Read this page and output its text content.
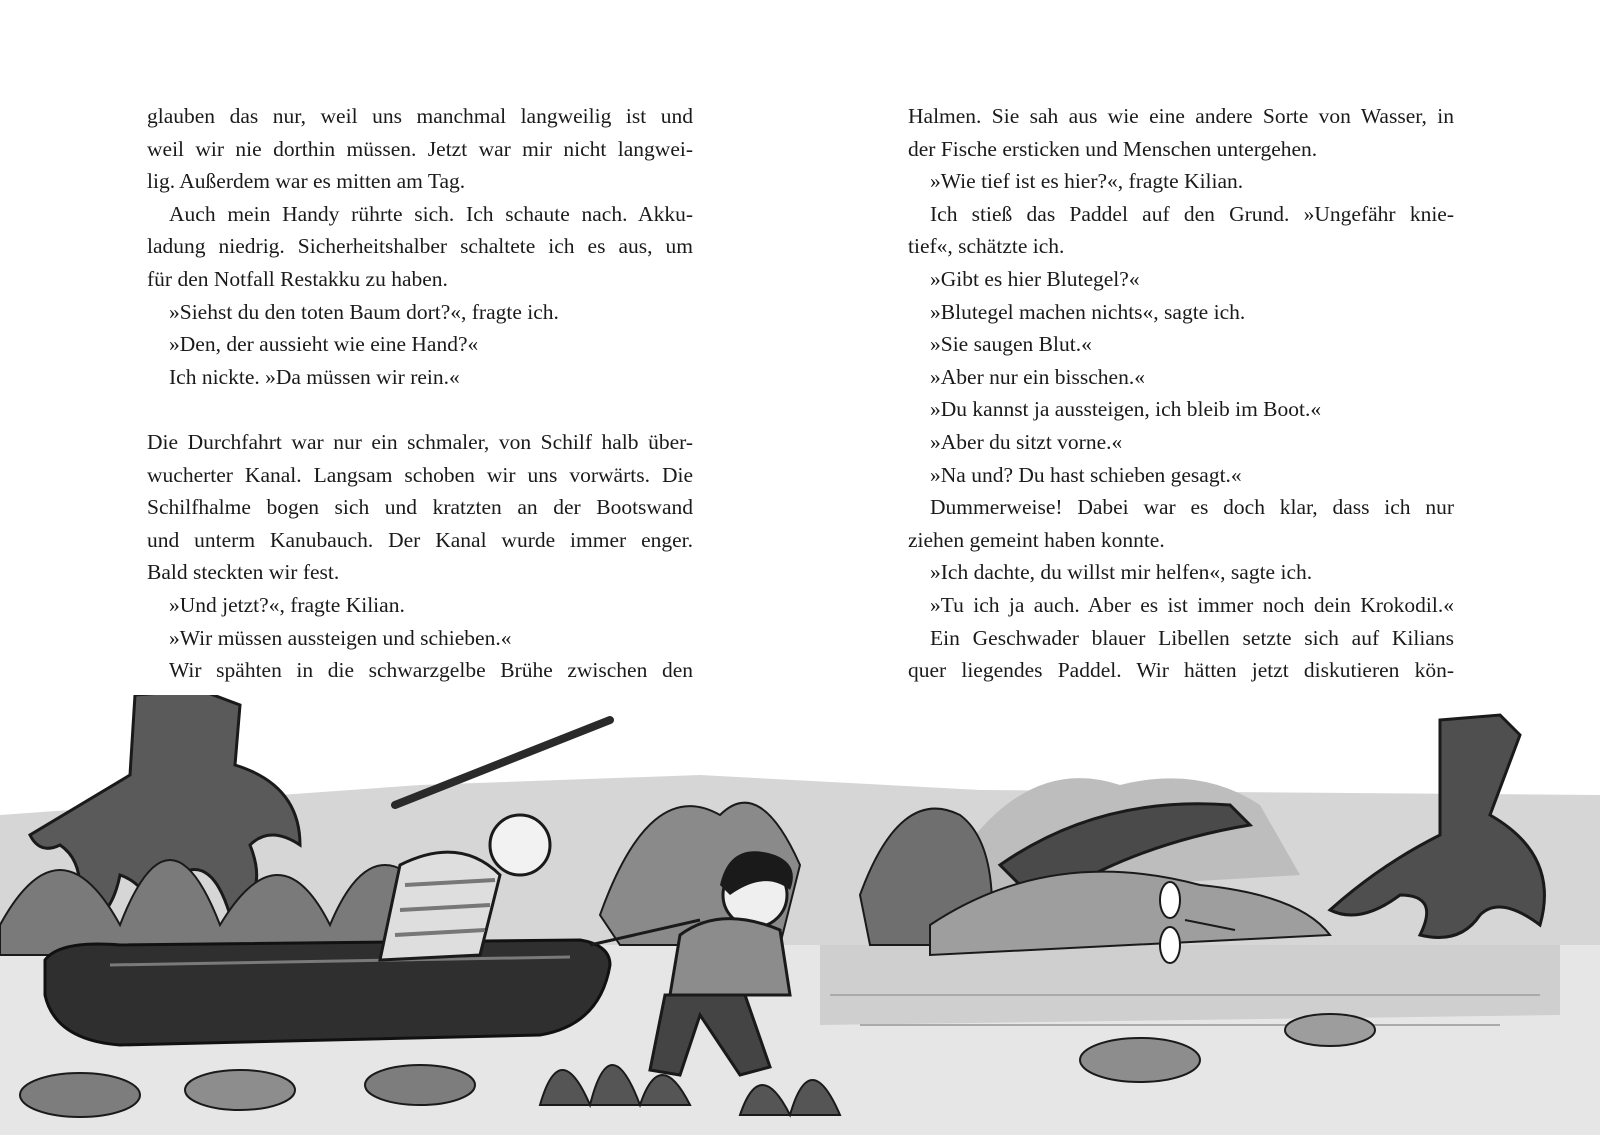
glauben das nur, weil uns manchmal langweilig ist und
weil wir nie dorthin müssen. Jetzt war mir nicht langwei-
lig. Außerdem war es mitten am Tag.
Auch mein Handy rührte sich. Ich schaute nach. Akku-
ladung niedrig. Sicherheitshalber schaltete ich es aus, um
für den Notfall Restakku zu haben.
»Siehst du den toten Baum dort?«, fragte ich.
»Den, der aussieht wie eine Hand?«
Ich nickte. »Da müssen wir rein.«
Die Durchfahrt war nur ein schmaler, von Schilf halb über-
wucherter Kanal. Langsam schoben wir uns vorwärts. Die
Schilfhalme bogen sich und kratzten an der Bootswand
und unterm Kanubauch. Der Kanal wurde immer enger.
Bald steckten wir fest.
»Und jetzt?«, fragte Kilian.
»Wir müssen aussteigen und schieben.«
Wir spähten in die schwarzgelbe Brühe zwischen den
Halmen. Sie sah aus wie eine andere Sorte von Wasser, in
der Fische ersticken und Menschen untergehen.
»Wie tief ist es hier?«, fragte Kilian.
Ich stieß das Paddel auf den Grund. »Ungefähr knie-
tief«, schätzte ich.
»Gibt es hier Blutegel?«
»Blutegel machen nichts«, sagte ich.
»Sie saugen Blut.«
»Aber nur ein bisschen.«
»Du kannst ja aussteigen, ich bleib im Boot.«
»Aber du sitzt vorne.«
»Na und? Du hast schieben gesagt.«
Dummerweise! Dabei war es doch klar, dass ich nur
ziehen gemeint haben konnte.
»Ich dachte, du willst mir helfen«, sagte ich.
»Tu ich ja auch. Aber es ist immer noch dein Krokodil.«
Ein Geschwader blauer Libellen setzte sich auf Kilians
quer liegendes Paddel. Wir hätten jetzt diskutieren kön-
